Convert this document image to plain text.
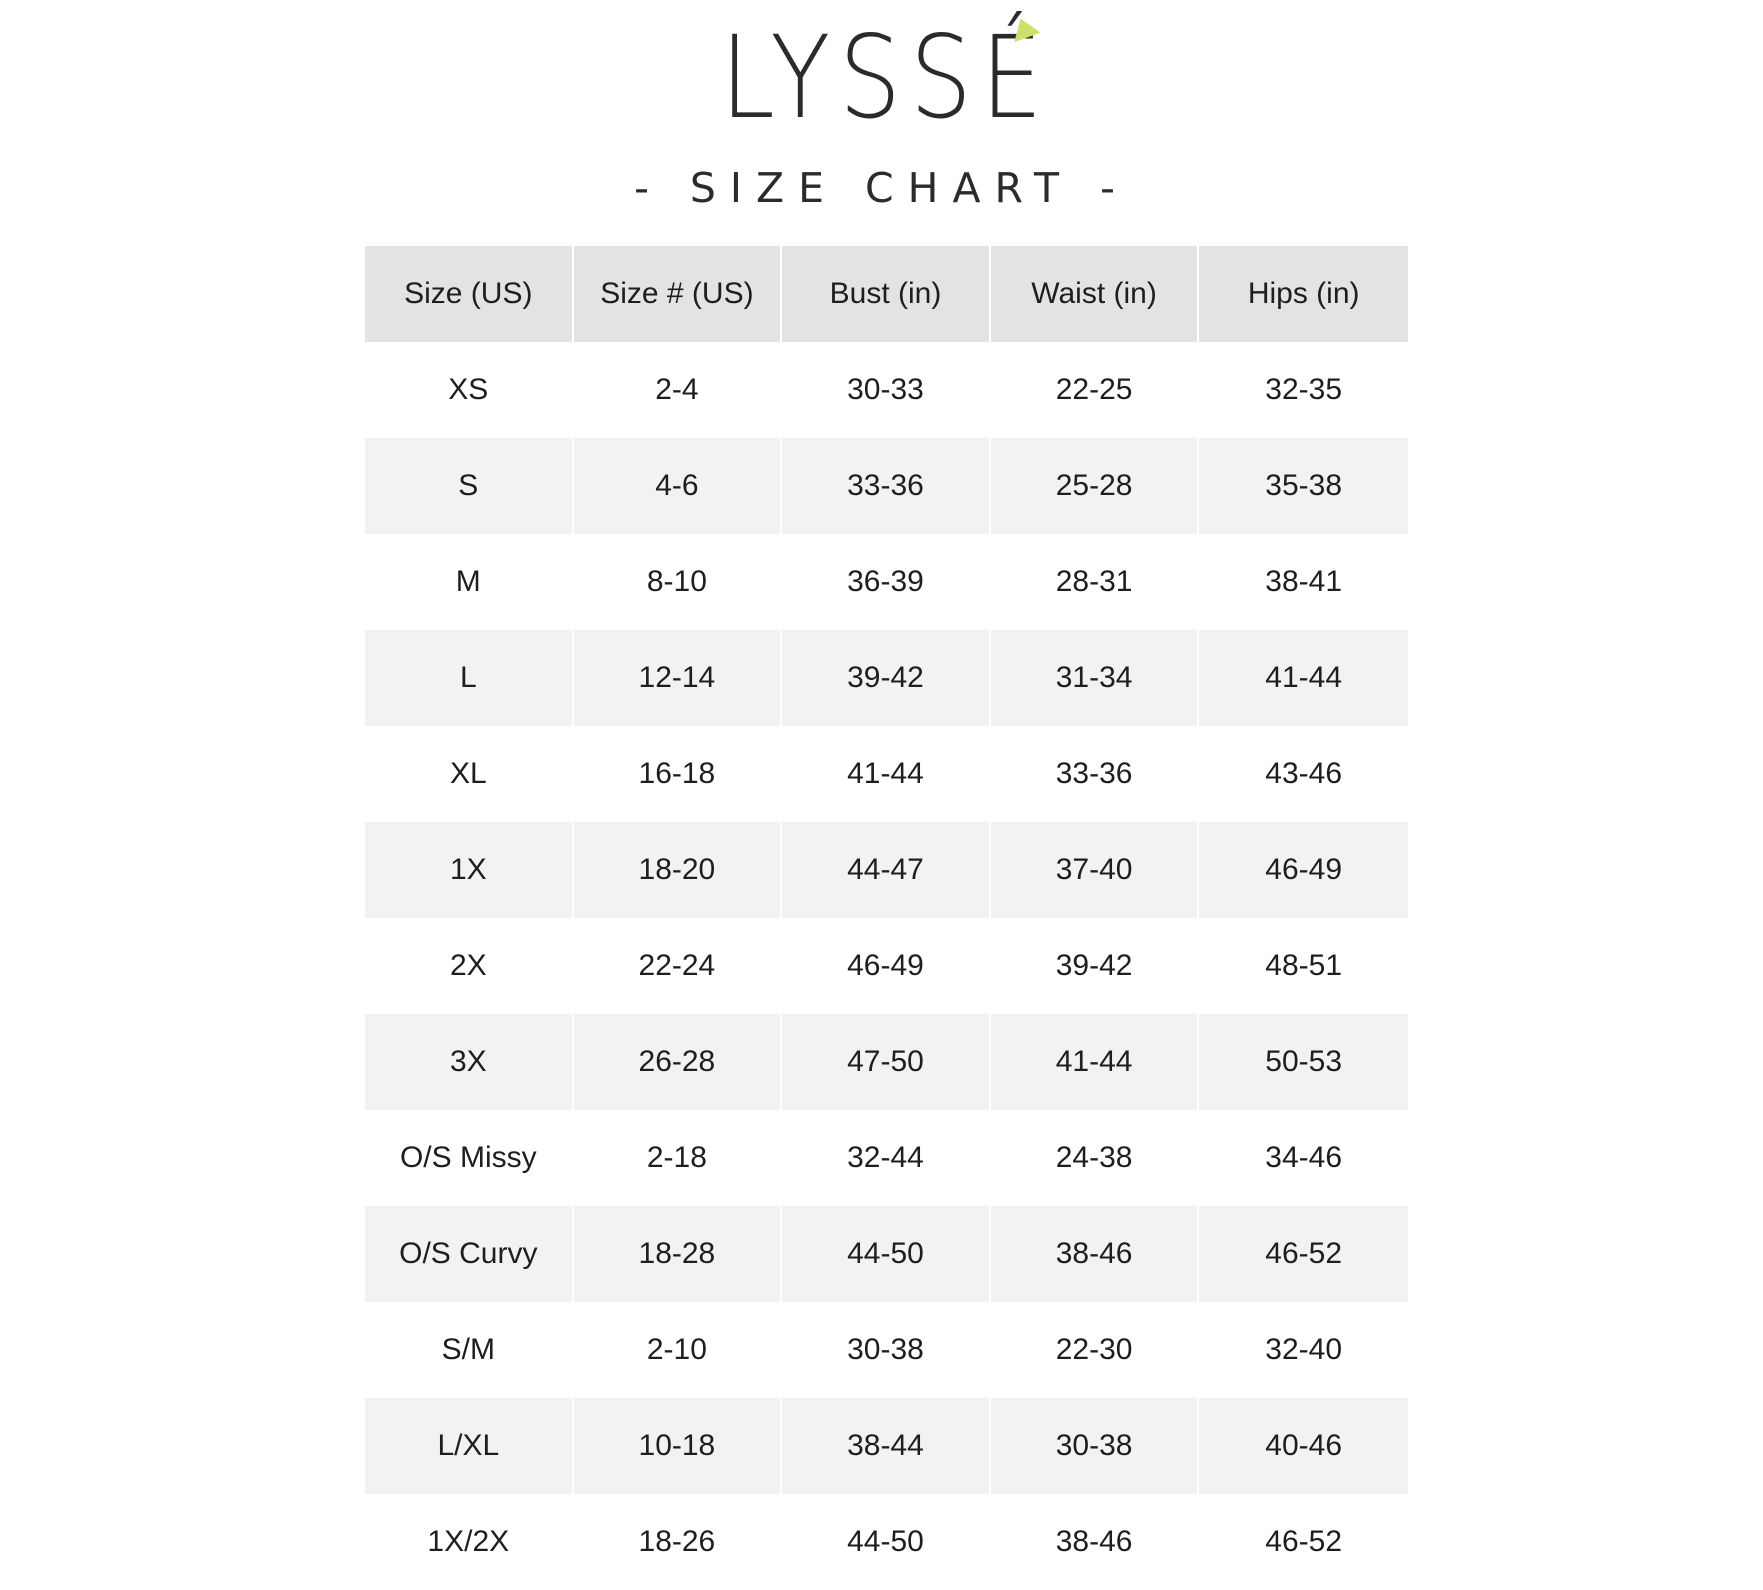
LYSSÉ
- SIZE CHART -
Size (US)	Size # (US)	Bust (in)	Waist (in)	Hips (in)
XS	2-4	30-33	22-25	32-35
S	4-6	33-36	25-28	35-38
M	8-10	36-39	28-31	38-41
L	12-14	39-42	31-34	41-44
XL	16-18	41-44	33-36	43-46
1X	18-20	44-47	37-40	46-49
2X	22-24	46-49	39-42	48-51
3X	26-28	47-50	41-44	50-53
O/S Missy	2-18	32-44	24-38	34-46
O/S Curvy	18-28	44-50	38-46	46-52
S/M	2-10	30-38	22-30	32-40
L/XL	10-18	38-44	30-38	40-46
1X/2X	18-26	44-50	38-46	46-52
